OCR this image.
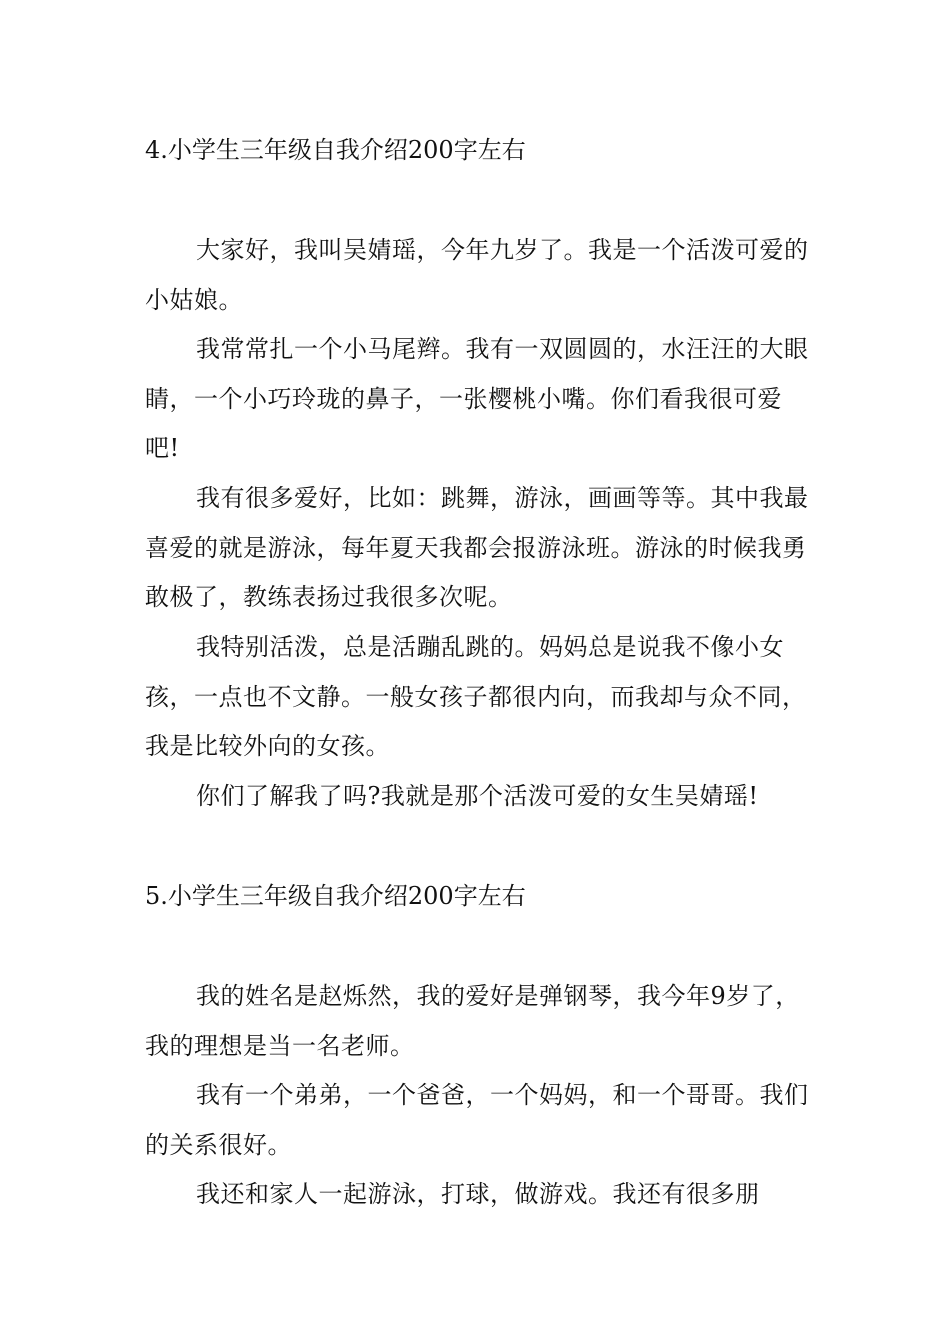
4.小学生三年级自我介绍200字左右

大家好，我叫吴婧瑶，今年九岁了。我是一个活泼可爱的小姑娘。

我常常扎一个小马尾辫。我有一双圆圆的，水汪汪的大眼睛，一个小巧玲珑的鼻子，一张樱桃小嘴。你们看我很可爱吧!

我有很多爱好，比如：跳舞，游泳，画画等等。其中我最喜爱的就是游泳，每年夏天我都会报游泳班。游泳的时候我勇敢极了，教练表扬过我很多次呢。

我特别活泼，总是活蹦乱跳的。妈妈总是说我不像小女孩，一点也不文静。一般女孩子都很内向，而我却与众不同，我是比较外向的女孩。

你们了解我了吗?我就是那个活泼可爱的女生吴婧瑶!

5.小学生三年级自我介绍200字左右

我的姓名是赵烁然，我的爱好是弹钢琴，我今年9岁了，我的理想是当一名老师。

我有一个弟弟，一个爸爸，一个妈妈，和一个哥哥。我们的关系很好。

我还和家人一起游泳，打球，做游戏。我还有很多朋
